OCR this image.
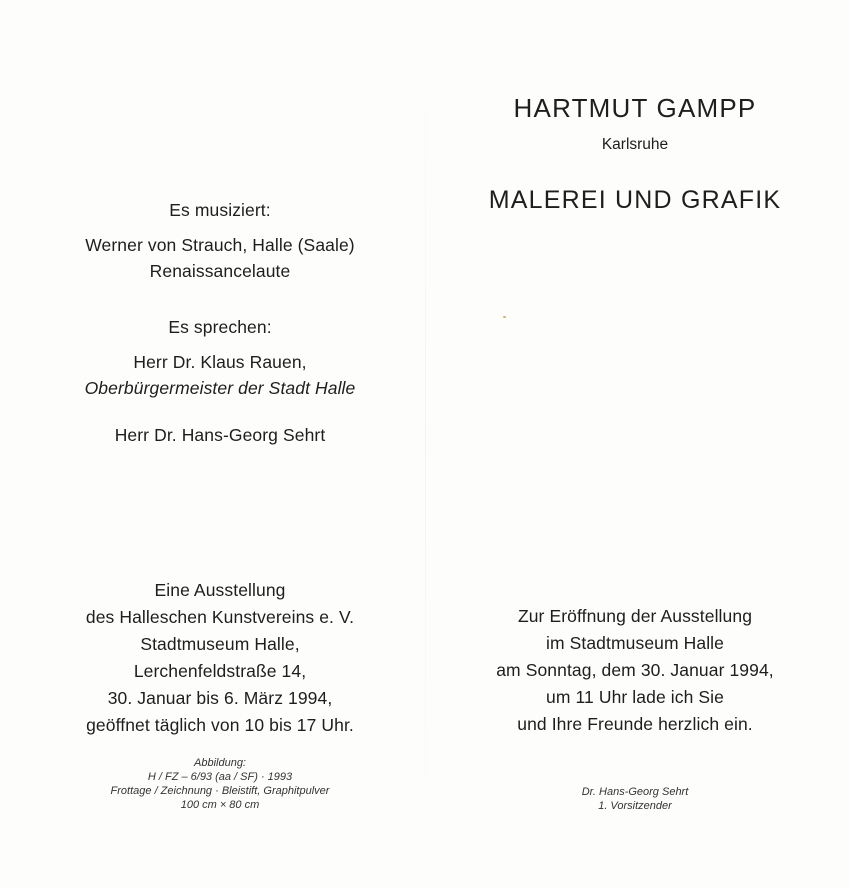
Es musiziert:
Werner von Strauch, Halle (Saale)
Renaissancelaute
Es sprechen:
Herr Dr. Klaus Rauen,
Oberbürgermeister der Stadt Halle
Herr Dr. Hans-Georg Sehrt
Eine Ausstellung
des Halleschen Kunstvereins e. V.
Stadtmuseum Halle,
Lerchenfeldstraße 14,
30. Januar bis 6. März 1994,
geöffnet täglich von 10 bis 17 Uhr.
Abbildung:
H / FZ – 6/93 (aa / SF) · 1993
Frottage / Zeichnung · Bleistift, Graphitpulver
100 cm × 80 cm
HARTMUT GAMPP
Karlsruhe
MALEREI UND GRAFIK
Zur Eröffnung der Ausstellung
im Stadtmuseum Halle
am Sonntag, dem 30. Januar 1994,
um 11 Uhr lade ich Sie
und Ihre Freunde herzlich ein.
Dr. Hans-Georg Sehrt
1. Vorsitzender
